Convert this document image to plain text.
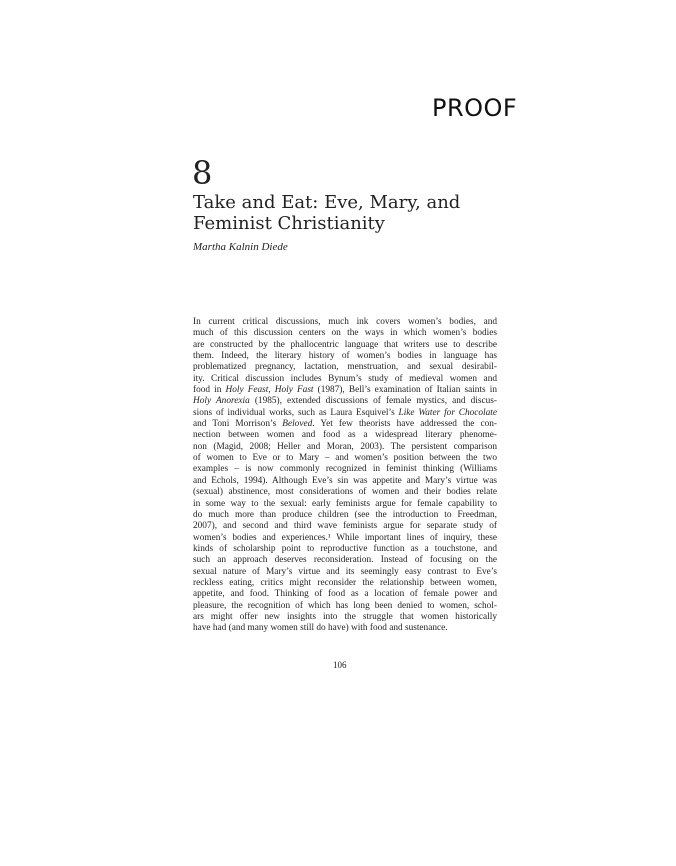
PROOF
8
Take and Eat: Eve, Mary, and
Feminist Christianity
Martha Kalnin Diede
In current critical discussions, much ink covers women’s bodies, and
much of this discussion centers on the ways in which women’s bodies
are constructed by the phallocentric language that writers use to describe
them. Indeed, the literary history of women’s bodies in language has
problematized pregnancy, lactation, menstruation, and sexual desirabil-
ity. Critical discussion includes Bynum’s study of medieval women and
food in Holy Feast, Holy Fast (1987), Bell’s examination of Italian saints in
Holy Anorexia (1985), extended discussions of female mystics, and discus-
sions of individual works, such as Laura Esquivel’s Like Water for Chocolate
and Toni Morrison’s Beloved. Yet few theorists have addressed the con-
nection between women and food as a widespread literary phenome-
non (Magid, 2008; Heller and Moran, 2003). The persistent comparison
of women to Eve or to Mary – and women’s position between the two
examples – is now commonly recognized in feminist thinking (Williams
and Echols, 1994). Although Eve’s sin was appetite and Mary’s virtue was
(sexual) abstinence, most considerations of women and their bodies relate
in some way to the sexual: early feminists argue for female capability to
do much more than produce children (see the introduction to Freedman,
2007), and second and third wave feminists argue for separate study of
women’s bodies and experiences.¹ While important lines of inquiry, these
kinds of scholarship point to reproductive function as a touchstone, and
such an approach deserves reconsideration. Instead of focusing on the
sexual nature of Mary’s virtue and its seemingly easy contrast to Eve’s
reckless eating, critics might reconsider the relationship between women,
appetite, and food. Thinking of food as a location of female power and
pleasure, the recognition of which has long been denied to women, schol-
ars might offer new insights into the struggle that women historically
have had (and many women still do have) with food and sustenance.
106
